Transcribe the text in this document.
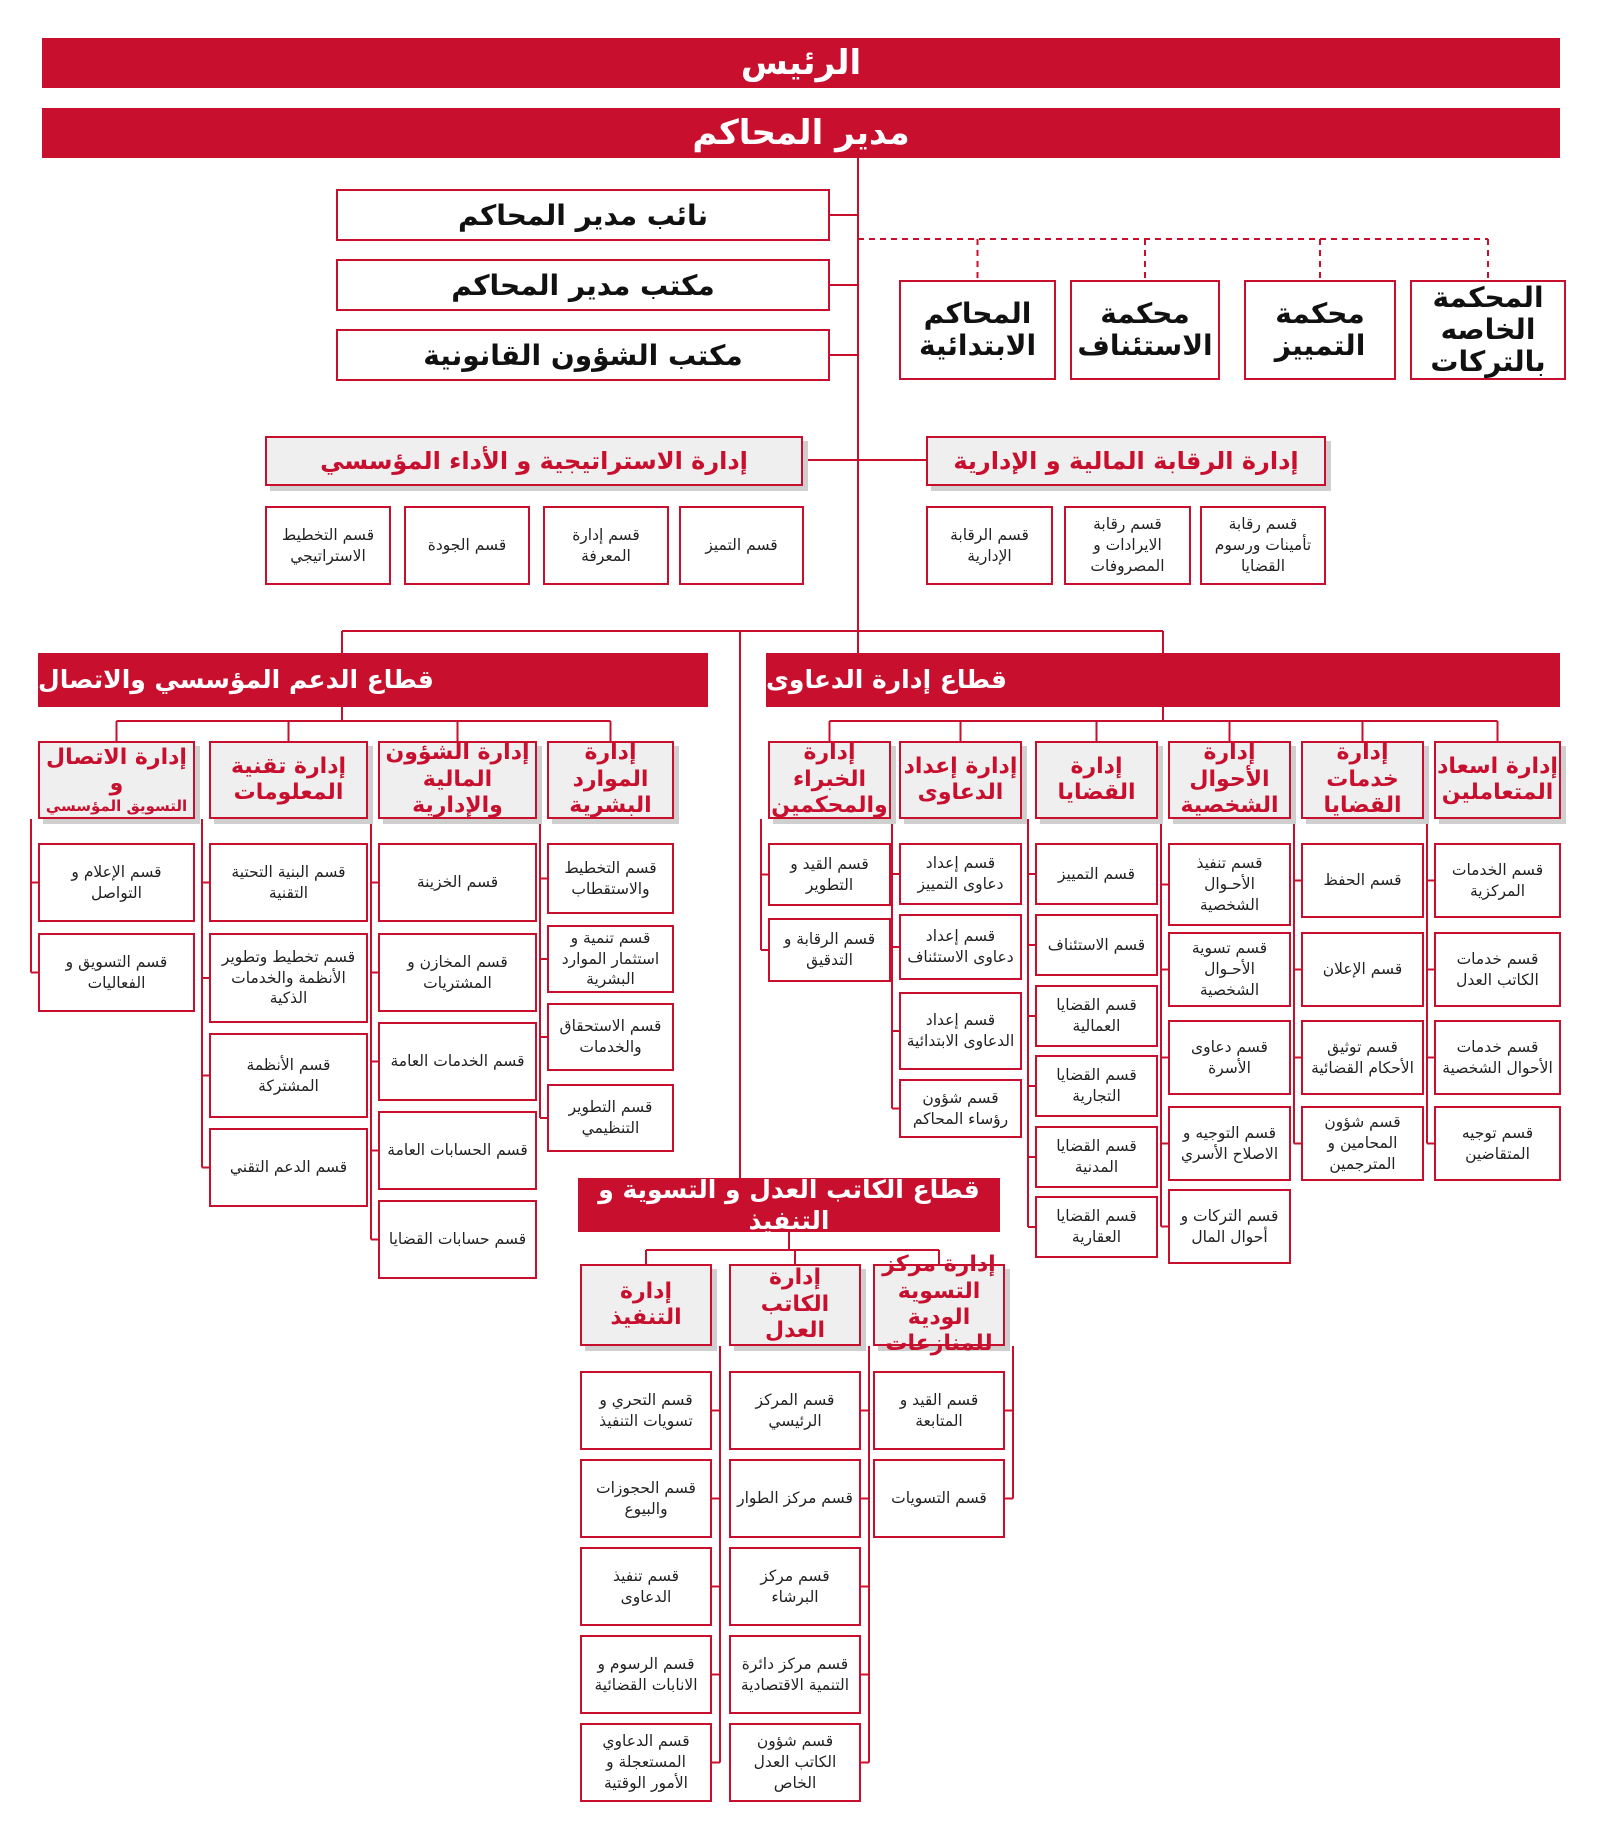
الرئيس
مدير المحاكم
نائب مدير المحاكم
مكتب مدير المحاكم
مكتب الشؤون القانونية
المحكمة الخاصه بالتركات
محكمة التمييز
محكمة الاستئناف
المحاكم الابتدائية
إدارة الرقابة المالية و الإدارية
إدارة الاستراتيجية و الأداء المؤسسي
قسم رقابة تأمينات ورسوم القضايا
قسم رقابة الايرادات و المصروفات
قسم الرقابة الإدارية
قسم التميز
قسم إدارة المعرفة
قسم الجودة
قسم التخطيط الاستراتيجي
قطاع إدارة الدعاوى
قطاع الدعم المؤسسي والاتصال
إدارة اسعاد المتعاملين
قسم الخدمات المركزية
قسم خدمات الكاتب العدل
قسم خدمات الأحوال الشخصية
قسم توجيه المتقاضين
إدارة خدمات القضايا
قسم الحفظ
قسم الإعلان
قسم توثيق الأحكام القضائية
قسم شؤون المحامين و المترجمين
إدارة الأحوال الشخصية
قسم تنفيذ الأحـوال الشخصية
قسم تسوية الأحـوال الشخصية
قسم دعاوى الأسرة
قسم التوجيه و الاصلاح الأسري
قسم التركات و أحوال المال
إدارة القضايا
قسم التمييز
قسم الاستئناف
قسم القضايا العمالية
قسم القضايا التجارية
قسم القضايا المدنية
قسم القضايا العقارية
إدارة إعداد الدعاوى
قسم إعداد دعاوى التمييز
قسم إعداد دعاوى الاستئناف
قسم إعداد الدعاوى الابتدائية
قسم شؤون رؤساء المحاكم
إدارة الخبراء والمحكمين
قسم القيد و التطوير
قسم الرقابة و التدقيق
إدارة الموارد البشرية
قسم التخطيط والاستقطاب
قسم تنمية و استثمار الموارد البشرية
قسم الاستحقاق والخدمات
قسم التطوير التنظيمي
إدارة الشؤون المالية والإدارية
قسم الخزينة
قسم المخازن و المشتريات
قسم الخدمات العامة
قسم الحسابات العامة
قسم حسابات القضايا
إدارة تقنية المعلومات
قسم البنية التحتية التقنية
قسم تخطيط وتطوير الأنظمة والخدمات الذكية
قسم الأنظمة المشتركة
قسم الدعم التقني
إدارة الاتصال و
التسويق المؤسسي
قسم الإعلام و التواصل
قسم التسويق و الفعاليات
قطاع الكاتب العدل و التسوية و التنفيذ
إدارة مركز التسوية الودية للمنازعات
قسم القيد و المتابعة
قسم التسويات
إدارة الكاتب العدل
قسم المركز الرئيسي
قسم مركز الطوار
قسم مركز البرشاء
قسم مركز دائرة التنمية الاقتصادية
قسم شؤون الكاتب العدل الخاص
إدارة التنفيذ
قسم التحري و تسويات التنفيذ
قسم الحجوزات والبيوع
قسم تنفيذ الدعاوى
قسم الرسوم و الانابات القضائية
قسم الدعاوي المستعجلة و الأمور الوقتية
